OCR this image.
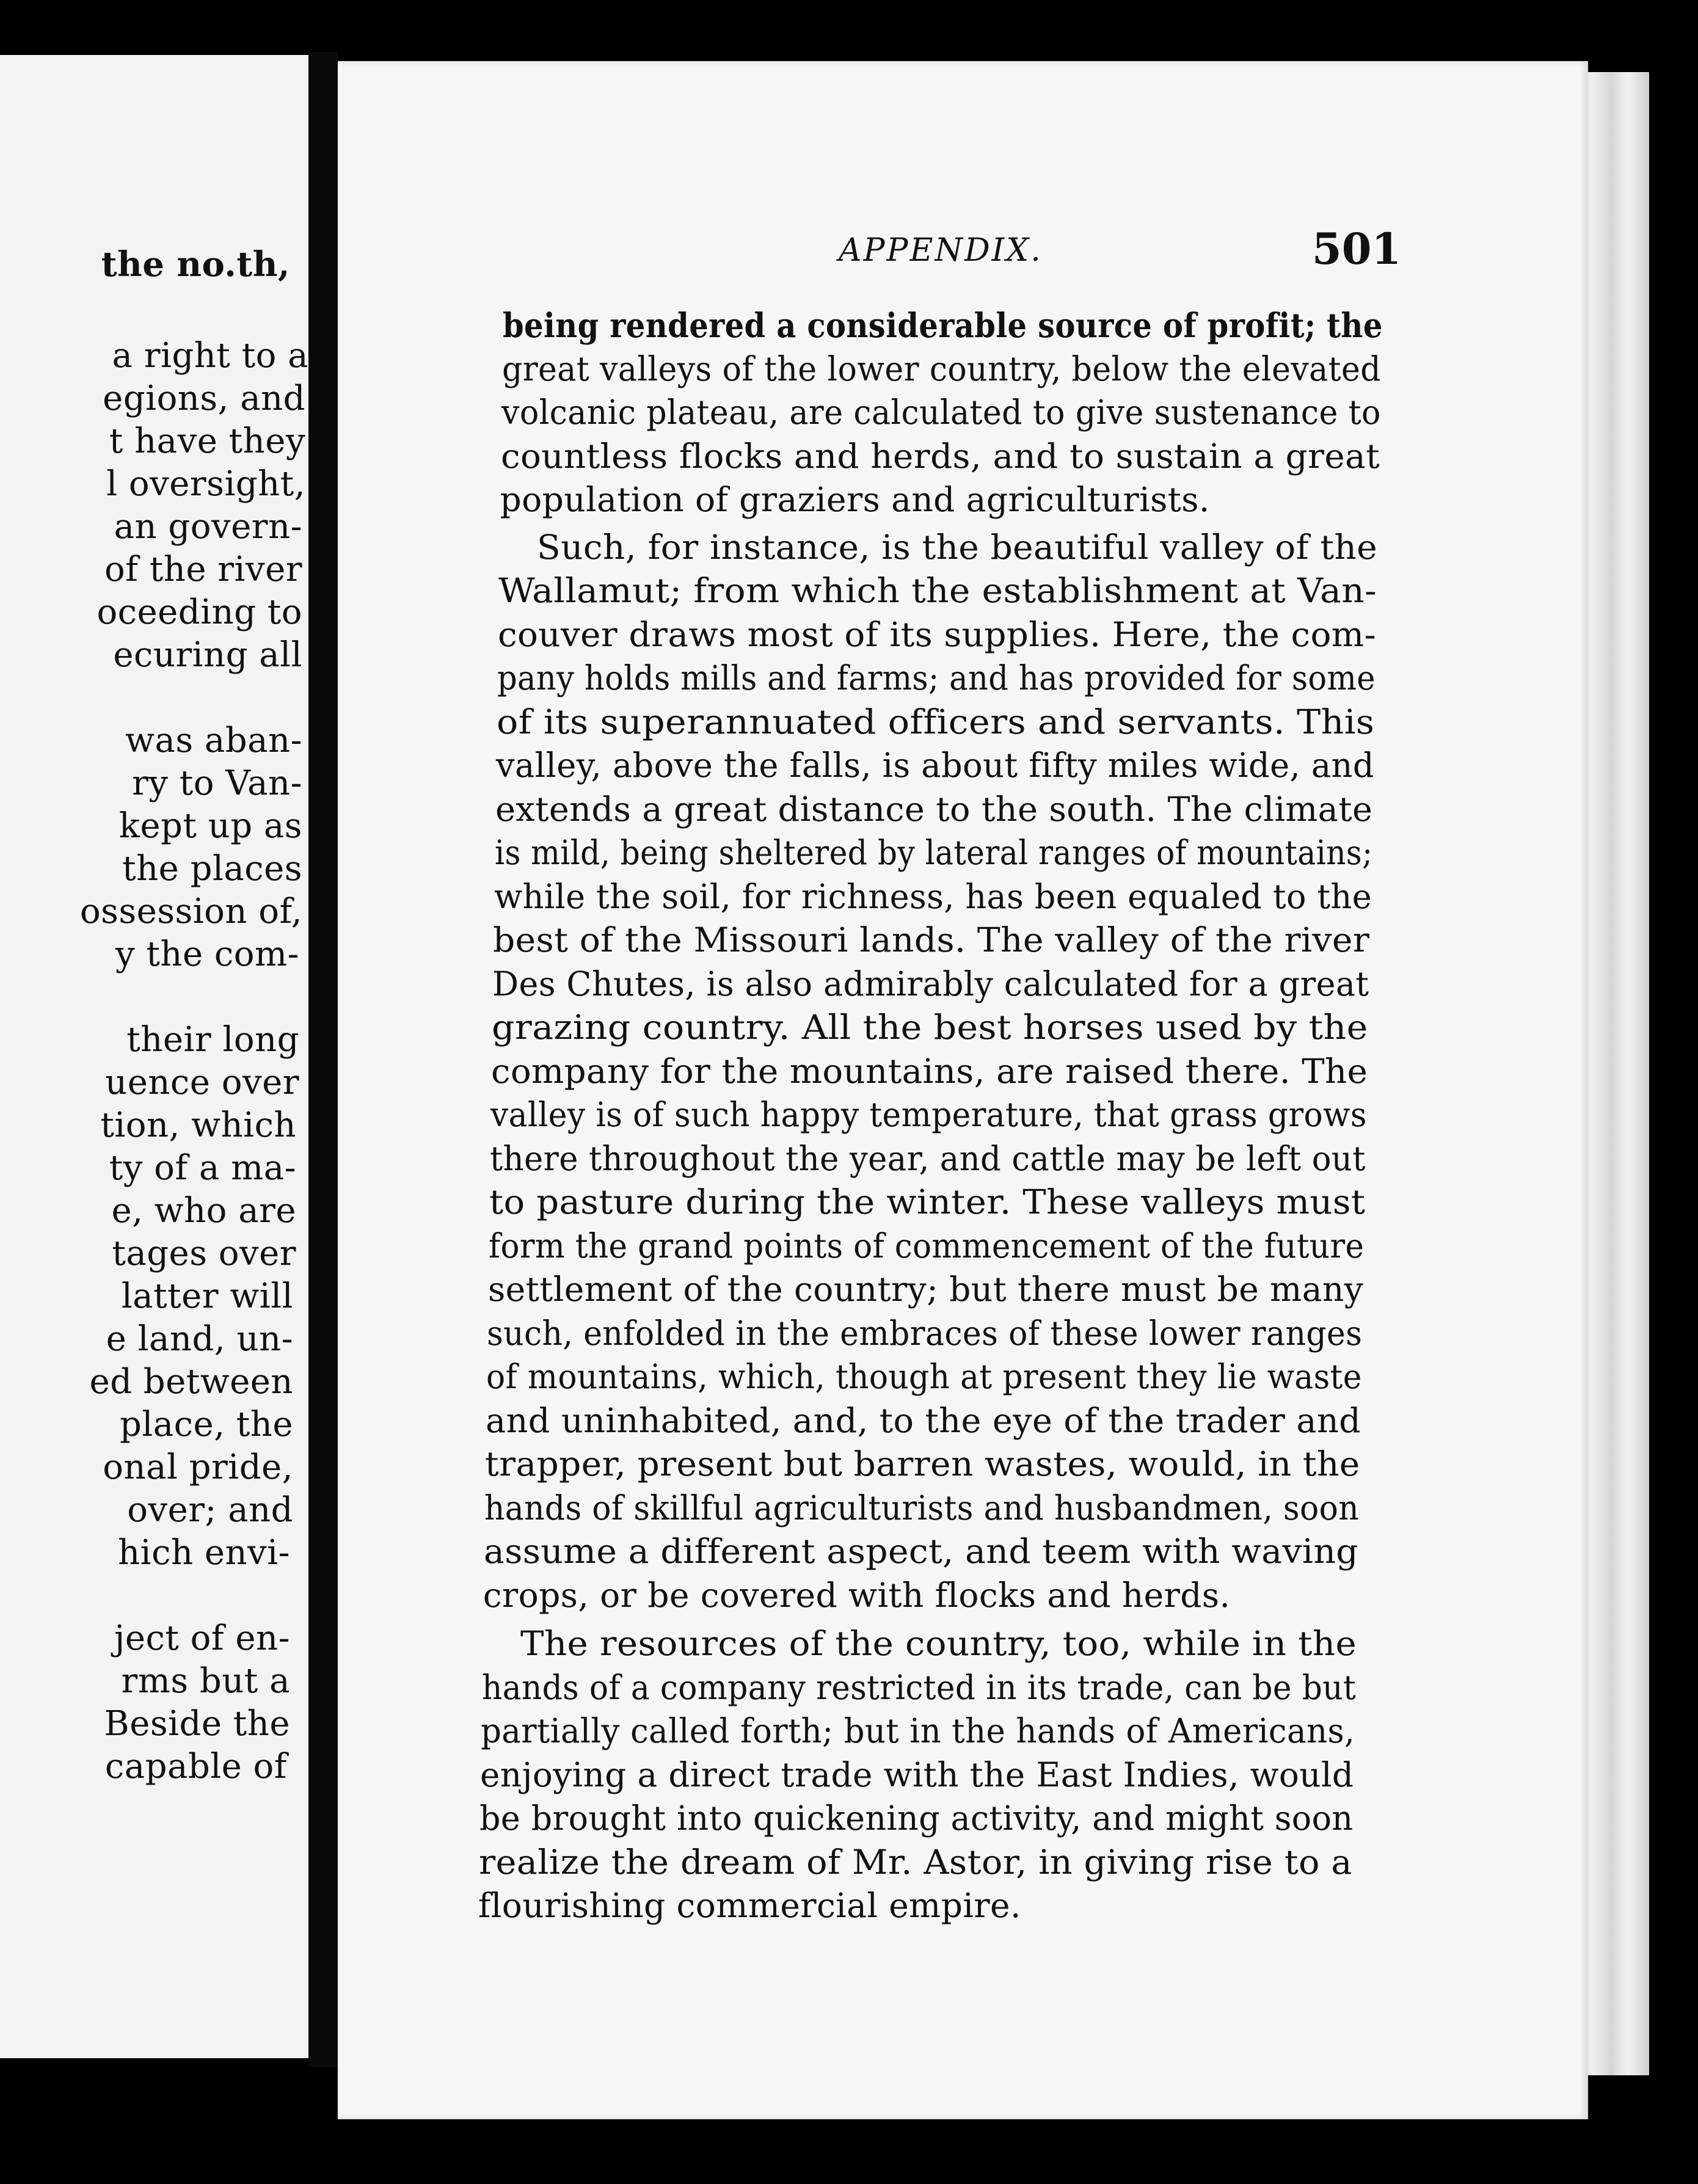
the no.th,
a right to a
egions, and
t have they
l oversight,
an govern-
of the river
oceeding to
ecuring all
was aban-
ry to Van-
kept up as
the places
ossession of,
y the com-
their long
uence over
tion, which
ty of a ma-
e, who are
tages over
latter will
e land, un-
ed between
place, the
onal pride,
over; and
hich envi-
ject of en-
rms but a
Beside the
capable of
APPENDIX.	501
being rendered a considerable source of profit; the
great valleys of the lower country, below the elevated
volcanic plateau, are calculated to give sustenance to
countless flocks and herds, and to sustain a great
population of graziers and agriculturists.
Such, for instance, is the beautiful valley of the
Wallamut; from which the establishment at Van-
couver draws most of its supplies. Here, the com-
pany holds mills and farms; and has provided for some
of its superannuated officers and servants. This
valley, above the falls, is about fifty miles wide, and
extends a great distance to the south. The climate
is mild, being sheltered by lateral ranges of mountains;
while the soil, for richness, has been equaled to the
best of the Missouri lands. The valley of the river
Des Chutes, is also admirably calculated for a great
grazing country. All the best horses used by the
company for the mountains, are raised there. The
valley is of such happy temperature, that grass grows
there throughout the year, and cattle may be left out
to pasture during the winter. These valleys must
form the grand points of commencement of the future
settlement of the country; but there must be many
such, enfolded in the embraces of these lower ranges
of mountains, which, though at present they lie waste
and uninhabited, and, to the eye of the trader and
trapper, present but barren wastes, would, in the
hands of skillful agriculturists and husbandmen, soon
assume a different aspect, and teem with waving
crops, or be covered with flocks and herds.
The resources of the country, too, while in the
hands of a company restricted in its trade, can be but
partially called forth; but in the hands of Americans,
enjoying a direct trade with the East Indies, would
be brought into quickening activity, and might soon
realize the dream of Mr. Astor, in giving rise to a
flourishing commercial empire.
